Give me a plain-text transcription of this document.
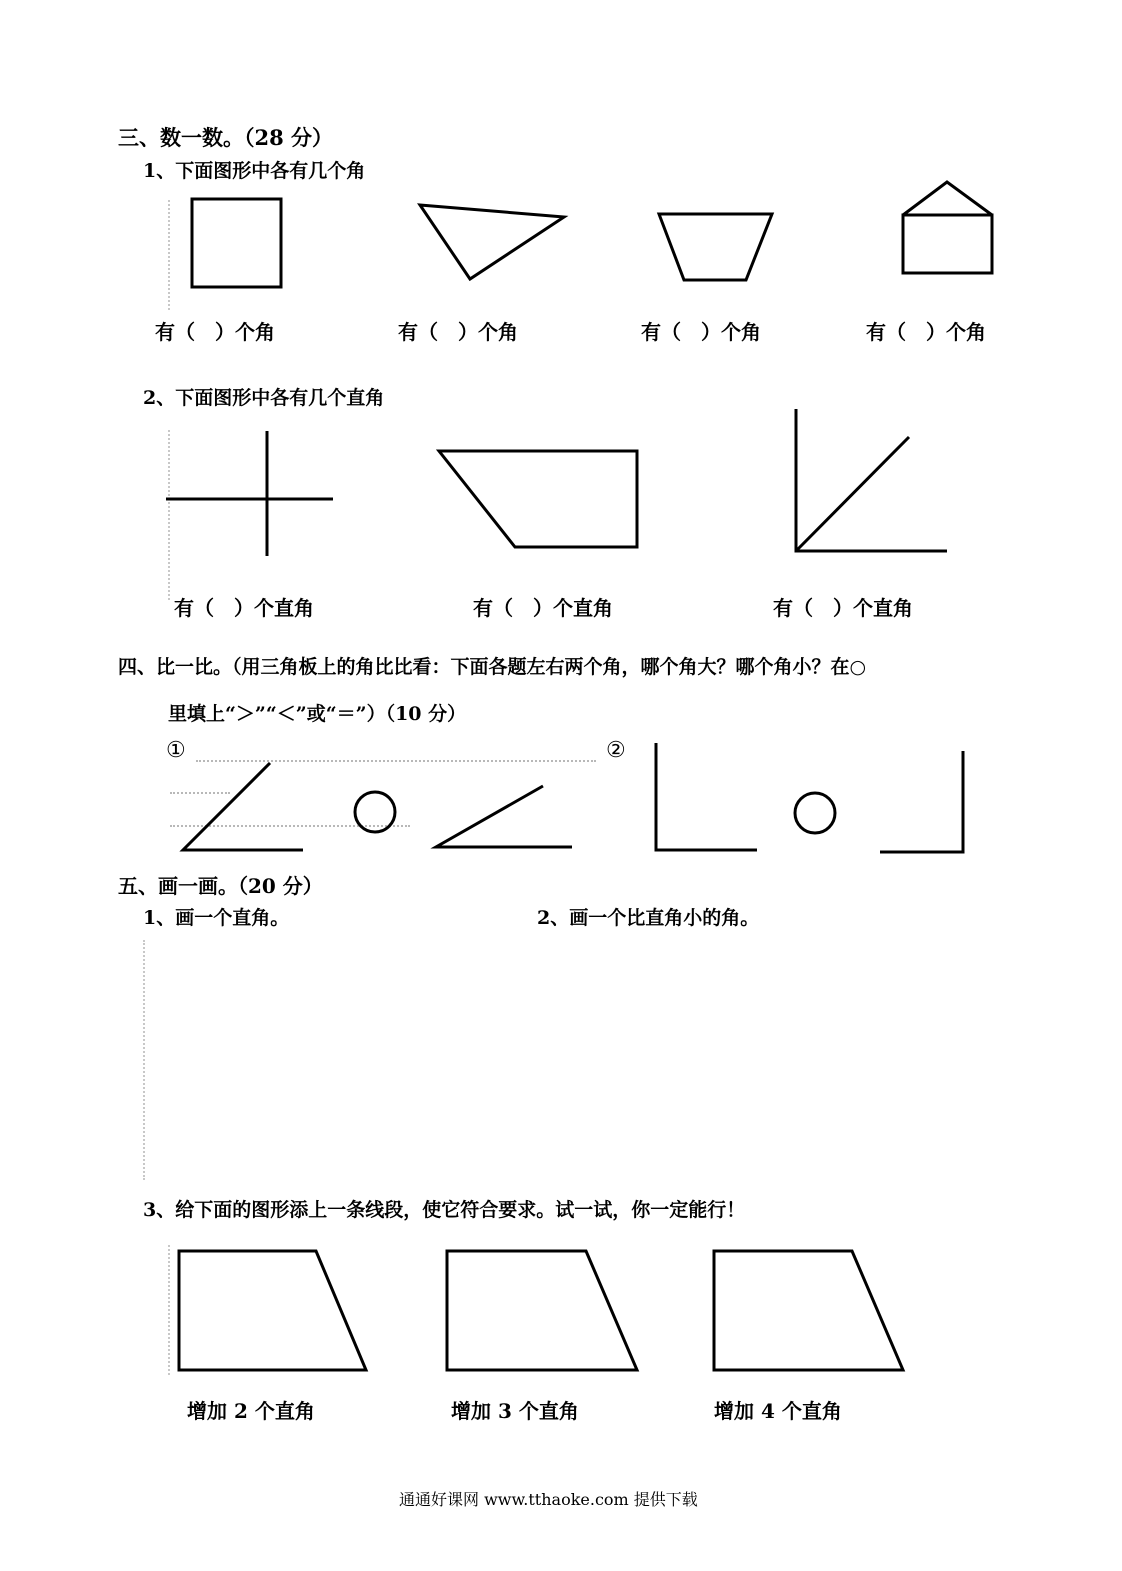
三、数一数。（28 分）
1、下面图形中各有几个角
有（　）个角	有（　）个角	有（　）个角	有（　）个角
2、下面图形中各有几个直角
有（　）个直角	有（　）个直角	有（　）个直角
四、比一比。（用三角板上的角比比看：下面各题左右两个角，哪个角大？哪个角小？在○
里填上“＞”“＜”或“＝”）（10 分）
①	②
五、画一画。（20 分）
1、画一个直角。	2、画一个比直角小的角。
3、给下面的图形添上一条线段，使它符合要求。试一试，你一定能行！
增加 2 个直角	增加 3 个直角	增加 4 个直角
通通好课网 www.tthaoke.com 提供下载
